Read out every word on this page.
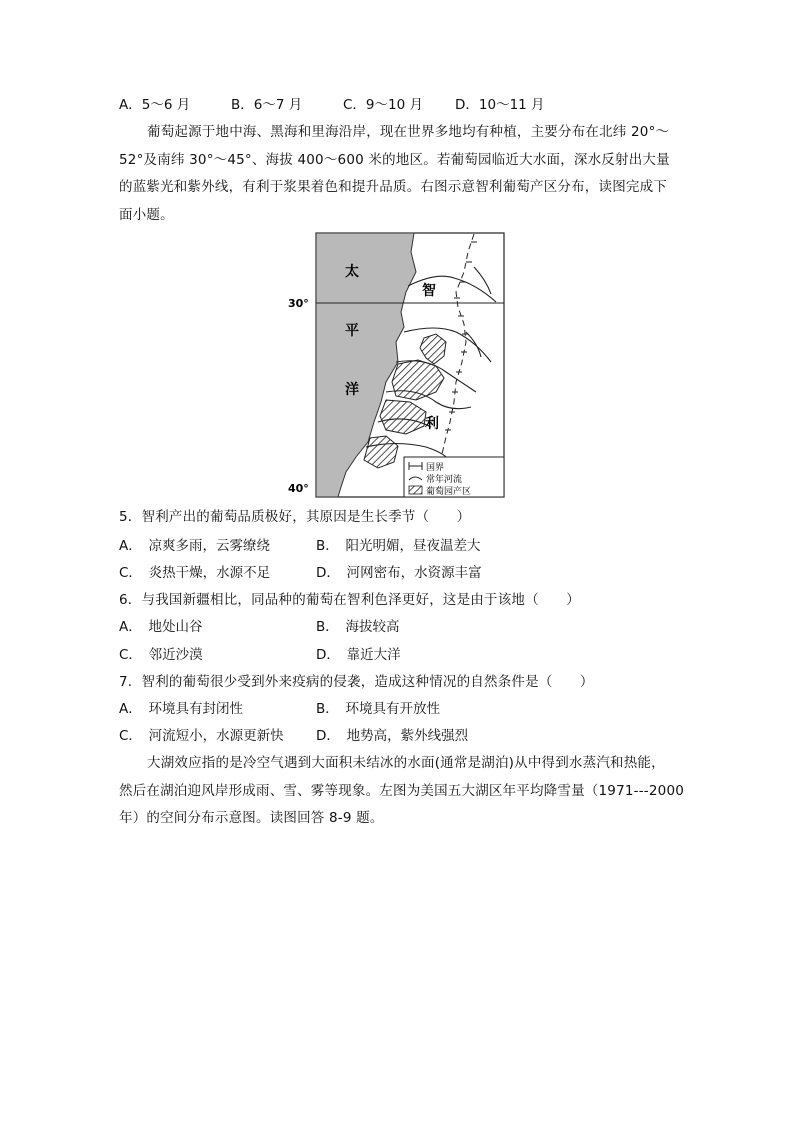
A．5～6 月	B．6～7 月	C．9～10 月 D．10～11 月
葡萄起源于地中海、黑海和里海沿岸，现在世界多地均有种植，主要分布在北纬 20°～
52°及南纬 30°～45°、海拔 400～600 米的地区。若葡萄园临近大水面，深水反射出大量
的蓝紫光和紫外线，有利于浆果着色和提升品质。右图示意智利葡萄产区分布，读图完成下
面小题。
太
平
洋
30°
40°
智
利
国界
常年河流
葡萄园产区
5．智利产出的葡萄品质极好，其原因是生长季节（　　）
A．　凉爽多雨，云雾缭绕	B．　阳光明媚，昼夜温差大
C．　炎热干燥，水源不足	D．　河网密布，水资源丰富
6．与我国新疆相比，同品种的葡萄在智利色泽更好，这是由于该地（　　）
A．　地处山谷	B．　海拔较高
C．　邻近沙漠	D．　靠近大洋
7．智利的葡萄很少受到外来疫病的侵袭，造成这种情况的自然条件是（　　）
A．　环境具有封闭性	B．　环境具有开放性
C．　河流短小，水源更新快 D．　地势高，紫外线强烈
大湖效应指的是冷空气遇到大面积未结冰的水面(通常是湖泊)从中得到水蒸汽和热能，
然后在湖泊迎风岸形成雨、雪、雾等现象。左图为美国五大湖区年平均降雪量（1971---2000
年）的空间分布示意图。读图回答 8-9 题。
